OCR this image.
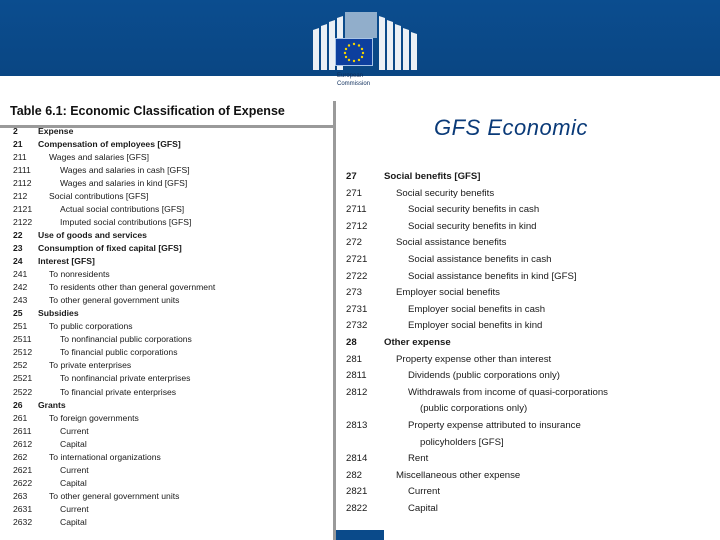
European
Commission
Table 6.1: Economic Classification of Expense
GFS Economic
2 Expense
21 Compensation of employees [GFS]
211	Wages and salaries [GFS]
2111	Wages and salaries in cash [GFS]
2112	Wages and salaries in kind [GFS]
212	Social contributions [GFS]
2121	Actual social contributions [GFS]
2122	Imputed social contributions [GFS]
22 Use of goods and services
23 Consumption of fixed capital [GFS]
24 Interest [GFS]
241	To nonresidents
242	To residents other than general government
243	To other general government units
25 Subsidies
251	To public corporations
2511	To nonfinancial public corporations
2512	To financial public corporations
252	To private enterprises
2521	To nonfinancial private enterprises
2522	To financial private enterprises
26 Grants
261	To foreign governments
2611	Current
2612	Capital
262	To international organizations
2621	Current
2622	Capital
263	To other general government units
2631	Current
2632	Capital
27	Social benefits [GFS]
271	Social security benefits
2711	Social security benefits in cash
2712	Social security benefits in kind
272	Social assistance benefits
2721	Social assistance benefits in cash
2722	Social assistance benefits in kind [GFS]
273	Employer social benefits
2731	Employer social benefits in cash
2732	Employer social benefits in kind
28	Other expense
281	Property expense other than interest
2811	Dividends (public corporations only)
2812	Withdrawals from income of quasi-corporations
(public corporations only)
2813	Property expense attributed to insurance
policyholders [GFS]
2814	Rent
282	Miscellaneous other expense
2821	Current
2822	Capital
